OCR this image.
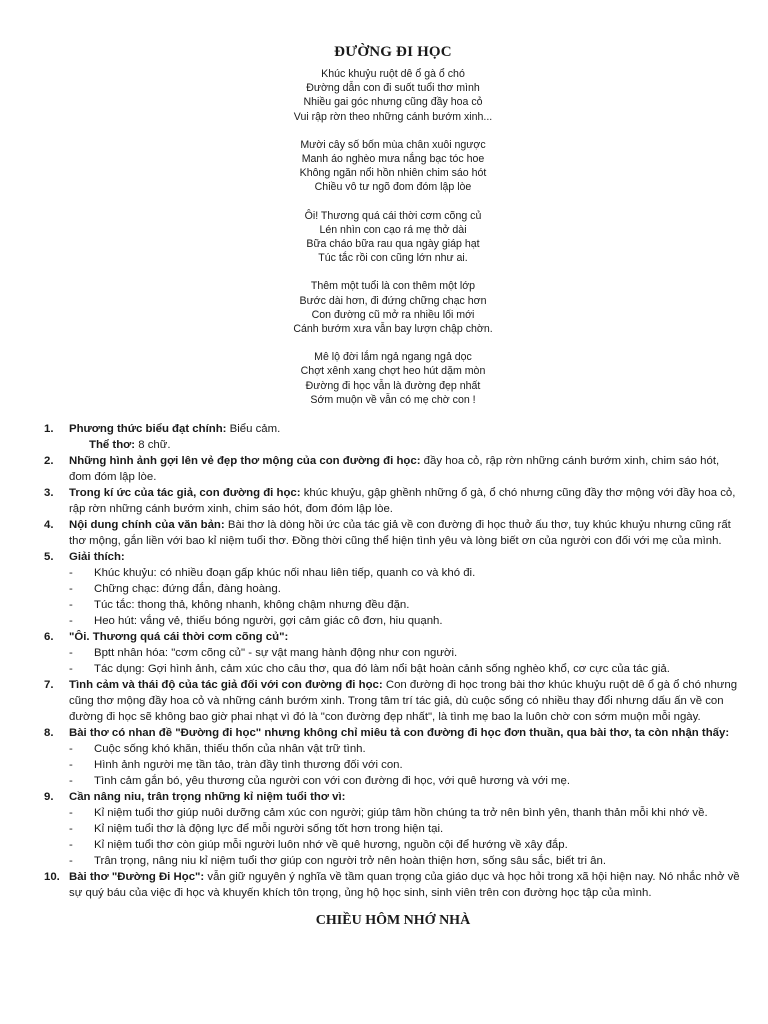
ĐƯỜNG ĐI HỌC
Khúc khuỷu ruột dê ổ gà ổ chó
Đường dẫn con đi suốt tuổi thơ mình
Nhiều gai góc nhưng cũng đầy hoa cỏ
Vui rập rờn theo những cánh bướm xinh...
Mười cây số bốn mùa chân xuôi ngược
Manh áo nghèo mưa nắng bạc tóc hoe
Không ngăn nổi hồn nhiên chim sáo hót
Chiều vô tư ngõ đom đóm lập lòe
Ôi! Thương quá cái thời cơm cõng củ
Lén nhìn con cạo rá mẹ thở dài
Bữa cháo bữa rau qua ngày giáp hạt
Túc tắc rồi con cũng lớn như ai.
Thêm một tuổi là con thêm một lớp
Bước dài hơn, đi đứng chững chạc hơn
Con đường cũ mở ra nhiều lối mới
Cánh bướm xưa vẫn bay lượn chập chờn.
Mê lộ đời lắm ngả ngang ngả dọc
Chợt xênh xang chợt heo hút dặm mòn
Đường đi học vẫn là đường đẹp nhất
Sớm muộn về vẫn có mẹ chờ con !
1. Phương thức biểu đạt chính: Biểu cảm.
Thể thơ: 8 chữ.
2. Những hình ảnh gợi lên vẻ đẹp thơ mộng của con đường đi học: đầy hoa cỏ, rập rờn những cánh bướm xinh, chim sáo hót, đom đóm lập lòe.
3. Trong kí ức của tác giả, con đường đi học: khúc khuỷu, gập ghềnh những ổ gà, ổ chó nhưng cũng đầy thơ mộng với đầy hoa cỏ, rập rờn những cánh bướm xinh, chim sáo hót, đom đóm lập lòe.
4. Nội dung chính của văn bản: Bài thơ là dòng hồi ức của tác giả về con đường đi học thuở ấu thơ, tuy khúc khuỷu nhưng cũng rất thơ mộng, gắn liền với bao kỉ niệm tuổi thơ. Đồng thời cũng thể hiện tình yêu và lòng biết ơn của người con đối với mẹ của mình.
5. Giải thích:
- Khúc khuỷu: có nhiều đoạn gấp khúc nối nhau liên tiếp, quanh co và khó đi.
- Chững chạc: đứng đắn, đàng hoàng.
- Túc tắc: thong thả, không nhanh, không chậm nhưng đều đặn.
- Heo hút: vắng vẻ, thiếu bóng người, gợi cảm giác cô đơn, hiu quạnh.
6. "Ôi. Thương quá cái thời cơm cõng củ":
- Bptt nhân hóa: "cơm cõng củ" - sự vật mang hành động như con người.
- Tác dụng: Gợi hình ảnh, cảm xúc cho câu thơ, qua đó làm nổi bật hoàn cảnh sống nghèo khổ, cơ cực của tác giả.
7. Tình cảm và thái độ của tác giả đối với con đường đi học: Con đường đi học trong bài thơ khúc khuỷu ruột dê ổ gà ổ chó nhưng cũng thơ mộng đầy hoa cỏ và những cánh bướm xinh. Trong tâm trí tác giả, dù cuộc sống có nhiều thay đổi nhưng dấu ấn về con đường đi học sẽ không bao giờ phai nhạt vì đó là "con đường đẹp nhất", là tình mẹ bao la luôn chờ con sớm muộn mỗi ngày.
8. Bài thơ có nhan đề "Đường đi học" nhưng không chỉ miêu tả con đường đi học đơn thuần, qua bài thơ, ta còn nhận thấy:
- Cuộc sống khó khăn, thiếu thốn của nhân vật trữ tình.
- Hình ảnh người mẹ tần tảo, tràn đầy tình thương đối với con.
- Tình cảm gắn bó, yêu thương của người con với con đường đi học, với quê hương và với mẹ.
9. Cần nâng niu, trân trọng những kỉ niệm tuổi thơ vì:
- Kỉ niệm tuổi thơ giúp nuôi dưỡng cảm xúc con người; giúp tâm hồn chúng ta trở nên bình yên, thanh thản mỗi khi nhớ về.
- Kỉ niệm tuổi thơ là động lực để mỗi người sống tốt hơn trong hiện tại.
- Kỉ niệm tuổi thơ còn giúp mỗi người luôn nhớ về quê hương, nguồn cội để hướng về xây đắp.
- Trân trọng, nâng niu kỉ niệm tuổi thơ giúp con người trở nên hoàn thiện hơn, sống sâu sắc, biết tri ân.
10. Bài thơ "Đường Đi Học": vẫn giữ nguyên ý nghĩa về tầm quan trọng của giáo dục và học hỏi trong xã hội hiện nay. Nó nhắc nhở về sự quý báu của việc đi học và khuyến khích tôn trọng, ủng hộ học sinh, sinh viên trên con đường học tập của mình.
CHIỀU HÔM NHỚ NHÀ
